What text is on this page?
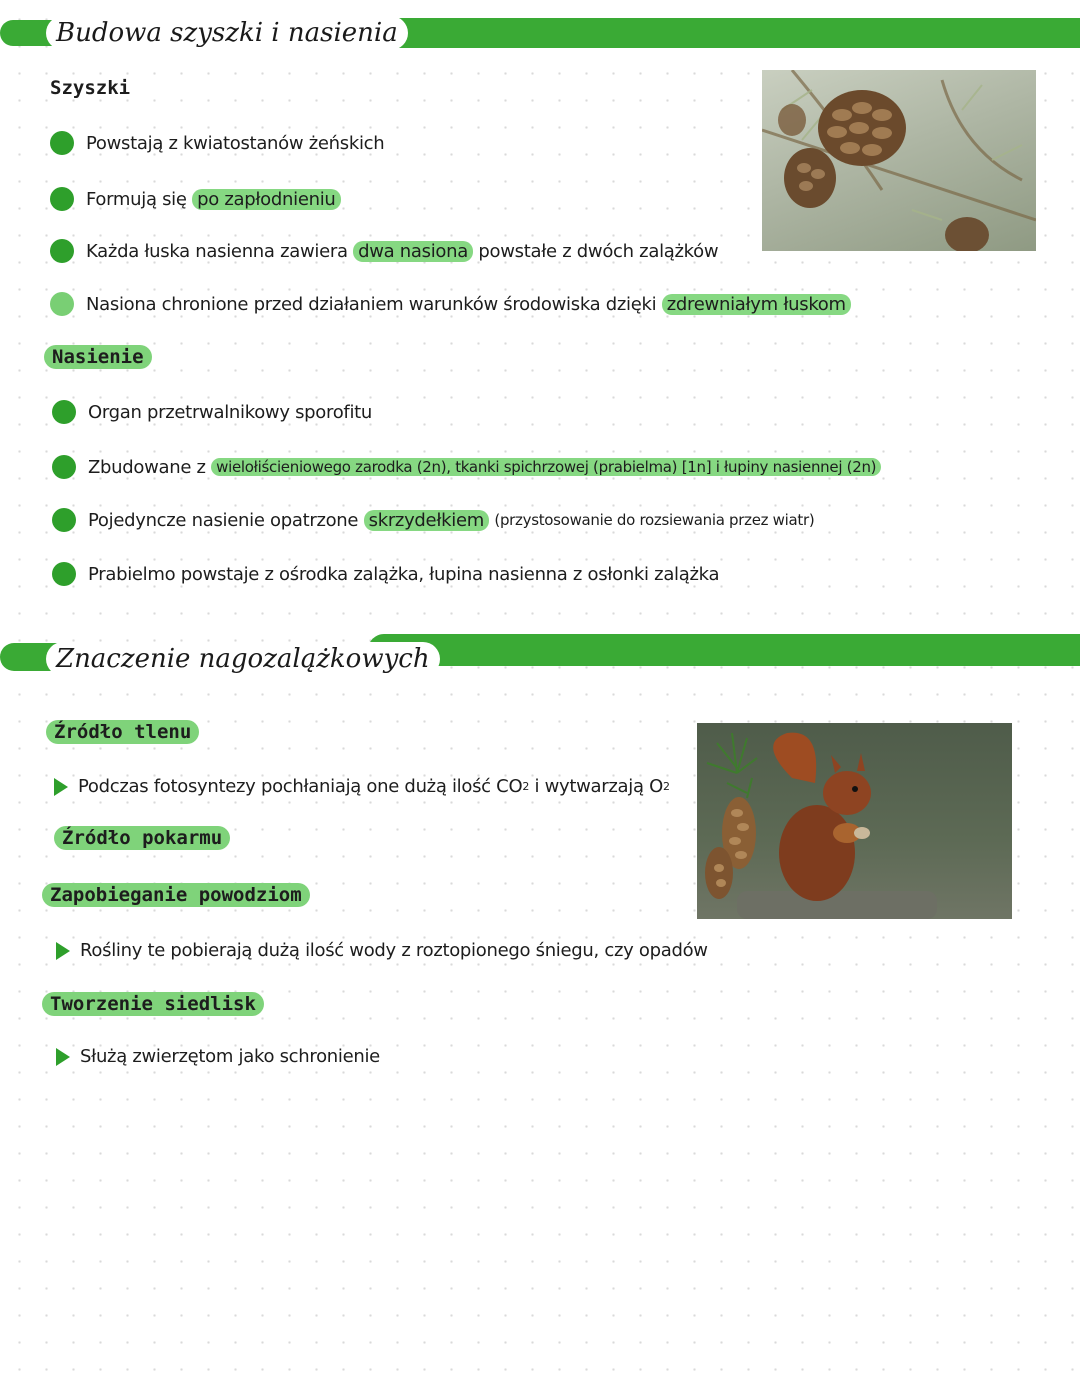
Budowa szyszki i nasienia
Szyszki
Powstają z kwiatostanów żeńskich
Formują się
po zapłodnieniu
Każda łuska nasienna zawiera
dwa nasiona
powstałe z dwóch zalążków
Nasiona chronione przed działaniem warunków środowiska dzięki
zdrewniałym łuskom
Nasienie
Organ przetrwalnikowy sporofitu
Zbudowane z
wielołiścieniowego zarodka (2n), tkanki spichrzowej (prabielma) [1n] i łupiny nasiennej (2n)
Pojedyncze nasienie opatrzone
skrzydełkiem
(przystosowanie do rozsiewania przez wiatr)
Prabielmo powstaje z ośrodka zalążka, łupina nasienna z osłonki zalążka
Znaczenie nagozalążkowych
Źródło tlenu
Podczas fotosyntezy pochłaniają one dużą ilość CO 2 i wytwarzają O 2
Źródło pokarmu
Zapobieganie powodziom
Rośliny te pobierają dużą ilość wody z roztopionego śniegu, czy opadów
Tworzenie siedlisk
Służą zwierzętom jako schronienie
